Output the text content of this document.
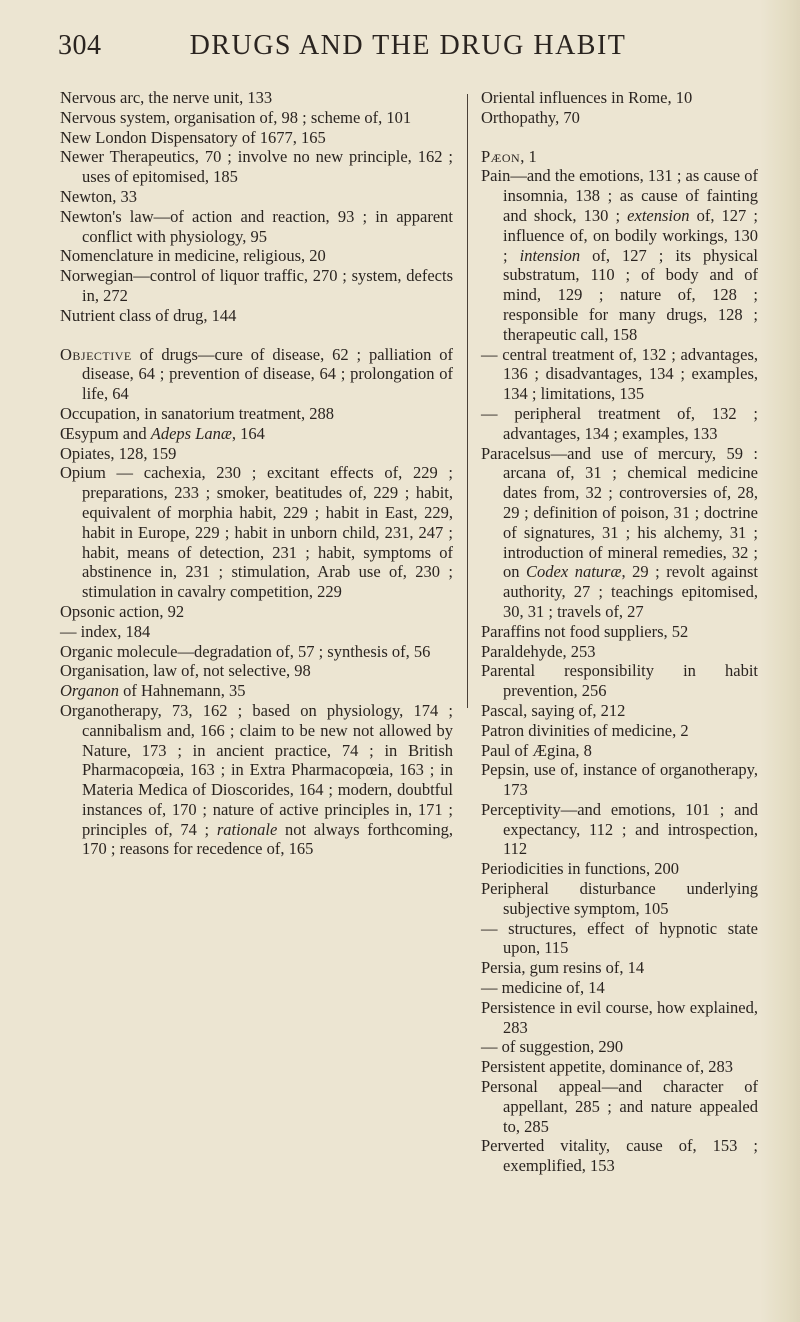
304	DRUGS AND THE DRUG HABIT

Nervous arc, the nerve unit, 133

Nervous system, organisation of, 98 ; scheme of, 101

New London Dispensatory of 1677, 165

Newer Therapeutics, 70 ; involve no new principle, 162 ; uses of epitomised, 185

Newton, 33

Newton's law—of action and reaction, 93 ; in apparent conflict with physiology, 95

Nomenclature in medicine, religious, 20

Norwegian—control of liquor traffic, 270 ; system, defects in, 272

Nutrient class of drug, 144

Objective of drugs—cure of disease, 62 ; palliation of disease, 64 ; prevention of disease, 64 ; prolongation of life, 64

Occupation, in sanatorium treatment, 288

Œsypum and Adeps Lanæ, 164

Opiates, 128, 159

Opium — cachexia, 230 ; excitant effects of, 229 ; preparations, 233 ; smoker, beatitudes of, 229 ; habit, equivalent of morphia habit, 229 ; habit in East, 229, habit in Europe, 229 ; habit in unborn child, 231, 247 ; habit, means of detection, 231 ; habit, symptoms of abstinence in, 231 ; stimulation, Arab use of, 230 ; stimulation in cavalry competition, 229

Opsonic action, 92

— index, 184

Organic molecule—degradation of, 57 ; synthesis of, 56

Organisation, law of, not selective, 98

Organon of Hahnemann, 35

Organotherapy, 73, 162 ; based on physiology, 174 ; cannibalism and, 166 ; claim to be new not allowed by Nature, 173 ; in ancient practice, 74 ; in British Pharmacopœia, 163 ; in Extra Pharmacopœia, 163 ; in Materia Medica of Dioscorides, 164 ; modern, doubtful instances of, 170 ; nature of active principles in, 171 ; principles of, 74 ; rationale not always forthcoming, 170 ; reasons for recedence of, 165

Oriental influences in Rome, 10

Orthopathy, 70

Pæon, 1

Pain—and the emotions, 131 ; as cause of insomnia, 138 ; as cause of fainting and shock, 130 ; extension of, 127 ; influence of, on bodily workings, 130 ; intension of, 127 ; its physical substratum, 110 ; of body and of mind, 129 ; nature of, 128 ; responsible for many drugs, 128 ; therapeutic call, 158

— central treatment of, 132 ; advantages, 136 ; disadvantages, 134 ; examples, 134 ; limitations, 135

— peripheral treatment of, 132 ; advantages, 134 ; examples, 133

Paracelsus—and use of mercury, 59 : arcana of, 31 ; chemical medicine dates from, 32 ; controversies of, 28, 29 ; definition of poison, 31 ; doctrine of signatures, 31 ; his alchemy, 31 ; introduction of mineral remedies, 32 ; on Codex naturæ, 29 ; revolt against authority, 27 ; teachings epitomised, 30, 31 ; travels of, 27

Paraffins not food suppliers, 52

Paraldehyde, 253

Parental responsibility in habit prevention, 256

Pascal, saying of, 212

Patron divinities of medicine, 2

Paul of Ægina, 8

Pepsin, use of, instance of organotherapy, 173

Perceptivity—and emotions, 101 ; and expectancy, 112 ; and introspection, 112

Periodicities in functions, 200

Peripheral disturbance underlying subjective symptom, 105

— structures, effect of hypnotic state upon, 115

Persia, gum resins of, 14

— medicine of, 14

Persistence in evil course, how explained, 283

— of suggestion, 290

Persistent appetite, dominance of, 283

Personal appeal—and character of appellant, 285 ; and nature appealed to, 285

Perverted vitality, cause of, 153 ; exemplified, 153
